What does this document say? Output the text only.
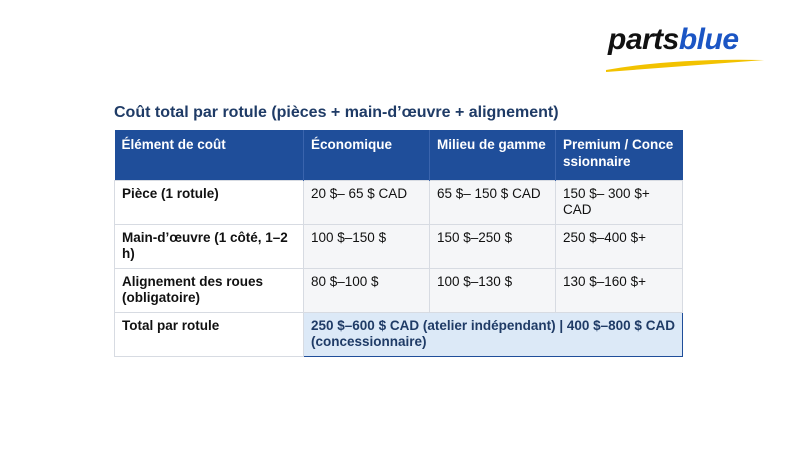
partsblue
Coût total par rotule (pièces + main-d’œuvre + alignement)
Élément de coût	Économique	Milieu de gamme	Premium / Concessionnaire
Pièce (1 rotule)	20 $– 65 $ CAD	65 $– 150 $ CAD	150 $– 300 $+ CAD
Main-d’œuvre (1 côté, 1–2 h)	100 $–150 $	150 $–250 $	250 $–400 $+
Alignement des roues (obligatoire)	80 $–100 $	100 $–130 $	130 $–160 $+
Total par rotule	250 $–600 $ CAD (atelier indépendant) | 400 $–800 $ CAD (concessionnaire)		
